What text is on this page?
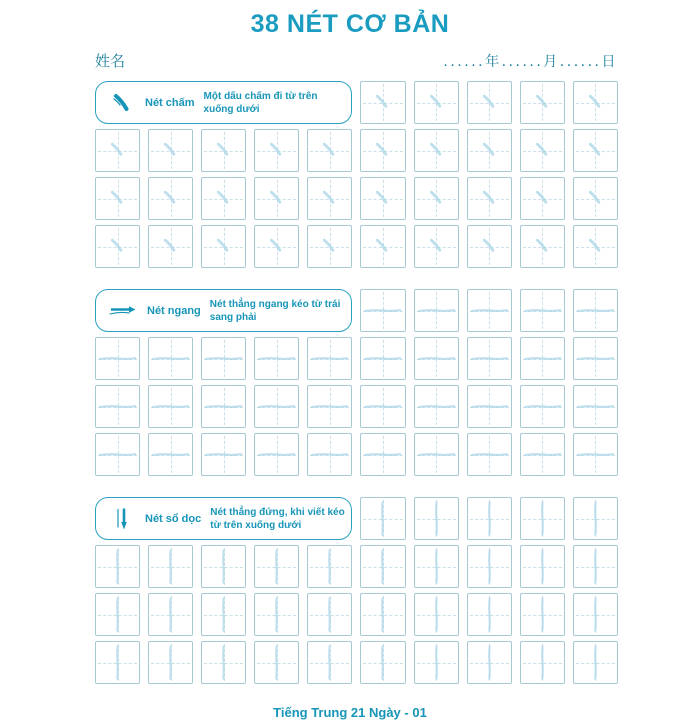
38 NÉT CƠ BẢN
姓名	......年......月......日
Nét chấm
Một dấu chấm đi từ trên xuống dưới
Nét ngang
Nét thẳng ngang kéo từ trái sang phải
Nét sổ dọc
Nét thẳng đứng, khi viết kéo từ trên xuống dưới
Tiếng Trung 21 Ngày - 01
